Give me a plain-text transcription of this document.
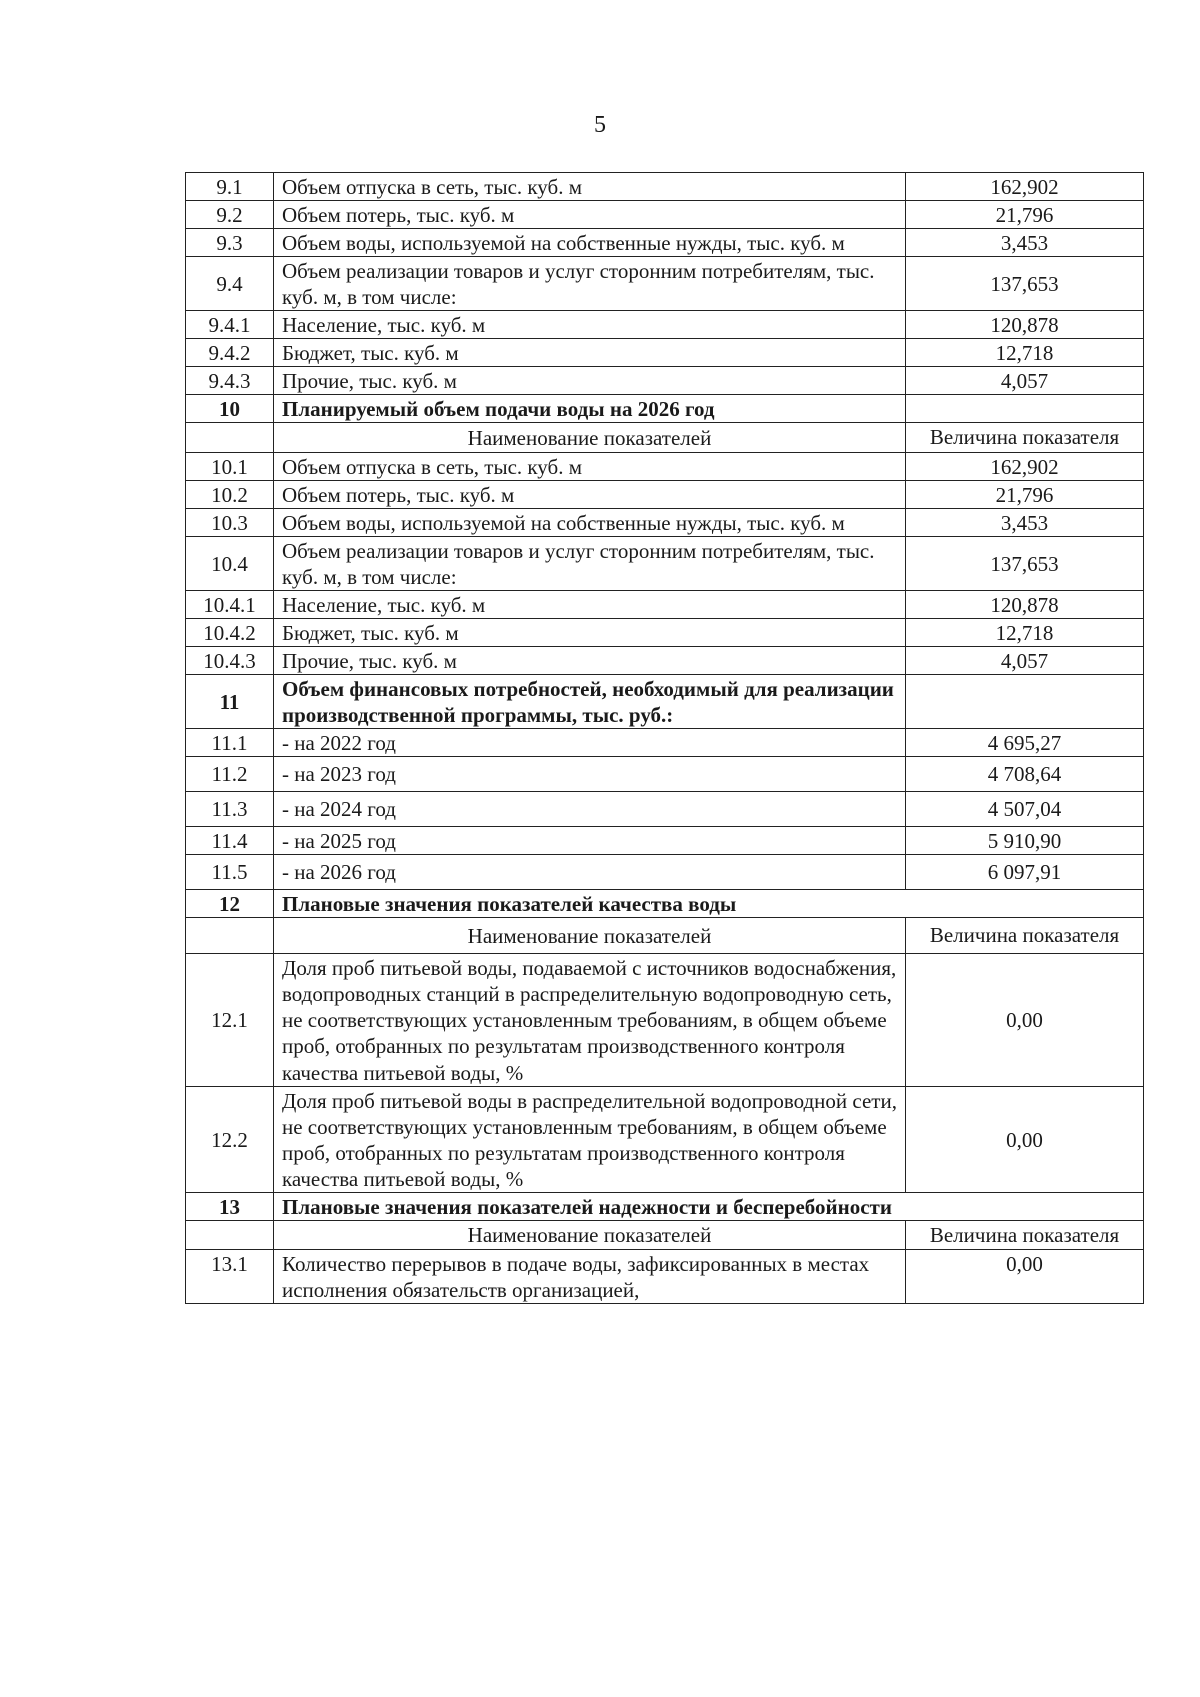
5
9.1	Объем отпуска в сеть, тыс. куб. м	162,902
9.2	Объем потерь, тыс. куб. м	21,796
9.3	Объем воды, используемой на собственные нужды, тыс. куб. м	3,453
9.4	Объем реализации товаров и услуг сторонним потребителям, тыс. куб. м, в том числе:	137,653
9.4.1	Население, тыс. куб. м	120,878
9.4.2	Бюджет, тыс. куб. м	12,718
9.4.3	Прочие, тыс. куб. м	4,057
10	Планируемый объем подачи воды на 2026 год	
	Наименование показателей	Величина показателя
10.1	Объем отпуска в сеть, тыс. куб. м	162,902
10.2	Объем потерь, тыс. куб. м	21,796
10.3	Объем воды, используемой на собственные нужды, тыс. куб. м	3,453
10.4	Объем реализации товаров и услуг сторонним потребителям, тыс. куб. м, в том числе:	137,653
10.4.1	Население, тыс. куб. м	120,878
10.4.2	Бюджет, тыс. куб. м	12,718
10.4.3	Прочие, тыс. куб. м	4,057
11	Объем финансовых потребностей, необходимый для реализации производственной программы, тыс. руб.:	
11.1	- на 2022 год	4 695,27
11.2	- на 2023 год	4 708,64
11.3	- на 2024 год	4 507,04
11.4	- на 2025 год	5 910,90
11.5	- на 2026 год	6 097,91
12	Плановые значения показателей качества воды	
	Наименование показателей	Величина показателя
12.1	Доля проб питьевой воды, подаваемой с источников водоснабжения, водопроводных станций в распределительную водопроводную сеть, не соответствующих установленным требованиям, в общем объеме проб, отобранных по результатам производственного контроля качества питьевой воды, %	0,00
12.2	Доля проб питьевой воды в распределительной водопроводной сети, не соответствующих установленным требованиям, в общем объеме проб, отобранных по результатам производственного контроля качества питьевой воды, %	0,00
13	Плановые значения показателей надежности и бесперебойности	
	Наименование показателей	Величина показателя
13.1	Количество перерывов в подаче воды, зафиксированных в местах исполнения обязательств организацией,	0,00
